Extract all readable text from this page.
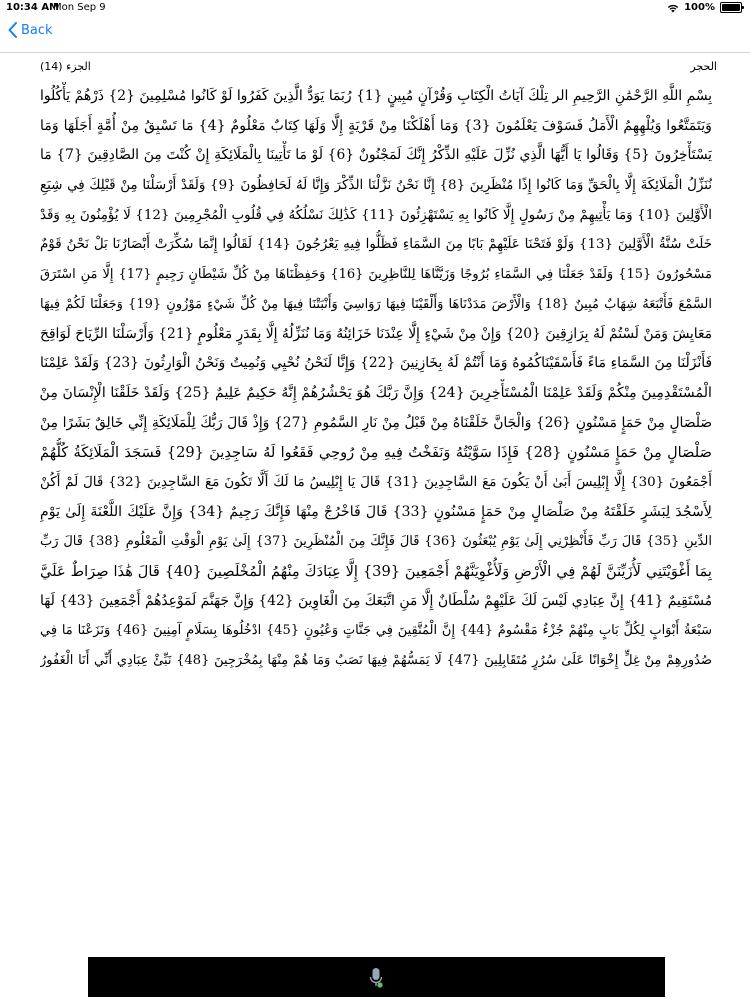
10:34 AM
Mon Sep 9	100%
Back
الجزء (14)	الحجر
بِسْمِ اللَّهِ الرَّحْمَٰنِ الرَّحِيمِ الر تِلْكَ آيَاتُ الْكِتَابِ وَقُرْآنٍ مُبِينٍ {1} رُبَمَا يَوَدُّ الَّذِينَ كَفَرُوا لَوْ كَانُوا مُسْلِمِينَ {2} ذَرْهُمْ يَأْكُلُوا
وَيَتَمَتَّعُوا وَيُلْهِهِمُ الْأَمَلُ فَسَوْفَ يَعْلَمُونَ {3} وَمَا أَهْلَكْنَا مِنْ قَرْيَةٍ إِلَّا وَلَهَا كِتَابٌ مَعْلُومٌ {4} مَا تَسْبِقُ مِنْ أُمَّةٍ أَجَلَهَا وَمَا
يَسْتَأْخِرُونَ {5} وَقَالُوا يَا أَيُّهَا الَّذِي نُزِّلَ عَلَيْهِ الذِّكْرُ إِنَّكَ لَمَجْنُونٌ {6} لَوْ مَا تَأْتِينَا بِالْمَلَائِكَةِ إِنْ كُنْتَ مِنَ الصَّادِقِينَ {7} مَا
نُنَزِّلُ الْمَلَائِكَةَ إِلَّا بِالْحَقِّ وَمَا كَانُوا إِذًا مُنْظَرِينَ {8} إِنَّا نَحْنُ نَزَّلْنَا الذِّكْرَ وَإِنَّا لَهُ لَحَافِظُونَ {9} وَلَقَدْ أَرْسَلْنَا مِنْ قَبْلِكَ فِي شِيَعِ
الْأَوَّلِينَ {10} وَمَا يَأْتِيهِمْ مِنْ رَسُولٍ إِلَّا كَانُوا بِهِ يَسْتَهْزِئُونَ {11} كَذَٰلِكَ نَسْلُكُهُ فِي قُلُوبِ الْمُجْرِمِينَ {12} لَا يُؤْمِنُونَ بِهِ وَقَدْ
خَلَتْ سُنَّةُ الْأَوَّلِينَ {13} وَلَوْ فَتَحْنَا عَلَيْهِمْ بَابًا مِنَ السَّمَاءِ فَظَلُّوا فِيهِ يَعْرُجُونَ {14} لَقَالُوا إِنَّمَا سُكِّرَتْ أَبْصَارُنَا بَلْ نَحْنُ قَوْمٌ
مَسْحُورُونَ {15} وَلَقَدْ جَعَلْنَا فِي السَّمَاءِ بُرُوجًا وَزَيَّنَّاهَا لِلنَّاظِرِينَ {16} وَحَفِظْنَاهَا مِنْ كُلِّ شَيْطَانٍ رَجِيمٍ {17} إِلَّا مَنِ اسْتَرَقَ
السَّمْعَ فَأَتْبَعَهُ شِهَابٌ مُبِينٌ {18} وَالْأَرْضَ مَدَدْنَاهَا وَأَلْقَيْنَا فِيهَا رَوَاسِيَ وَأَنْبَتْنَا فِيهَا مِنْ كُلِّ شَيْءٍ مَوْزُونٍ {19} وَجَعَلْنَا لَكُمْ فِيهَا
مَعَايِشَ وَمَنْ لَسْتُمْ لَهُ بِرَازِقِينَ {20} وَإِنْ مِنْ شَيْءٍ إِلَّا عِنْدَنَا خَزَائِنُهُ وَمَا نُنَزِّلُهُ إِلَّا بِقَدَرٍ مَعْلُومٍ {21} وَأَرْسَلْنَا الرِّيَاحَ لَوَاقِحَ
فَأَنْزَلْنَا مِنَ السَّمَاءِ مَاءً فَأَسْقَيْنَاكُمُوهُ وَمَا أَنْتُمْ لَهُ بِخَازِنِينَ {22} وَإِنَّا لَنَحْنُ نُحْيِي وَنُمِيتُ وَنَحْنُ الْوَارِثُونَ {23} وَلَقَدْ عَلِمْنَا
الْمُسْتَقْدِمِينَ مِنْكُمْ وَلَقَدْ عَلِمْنَا الْمُسْتَأْخِرِينَ {24} وَإِنَّ رَبَّكَ هُوَ يَحْشُرُهُمْ إِنَّهُ حَكِيمٌ عَلِيمٌ {25} وَلَقَدْ خَلَقْنَا الْإِنْسَانَ مِنْ
صَلْصَالٍ مِنْ حَمَإٍ مَسْنُونٍ {26} وَالْجَانَّ خَلَقْنَاهُ مِنْ قَبْلُ مِنْ نَارِ السَّمُومِ {27} وَإِذْ قَالَ رَبُّكَ لِلْمَلَائِكَةِ إِنِّي خَالِقٌ بَشَرًا مِنْ
صَلْصَالٍ مِنْ حَمَإٍ مَسْنُونٍ {28} فَإِذَا سَوَّيْتُهُ وَنَفَخْتُ فِيهِ مِنْ رُوحِي فَقَعُوا لَهُ سَاجِدِينَ {29} فَسَجَدَ الْمَلَائِكَةُ كُلُّهُمْ
أَجْمَعُونَ {30} إِلَّا إِبْلِيسَ أَبَىٰ أَنْ يَكُونَ مَعَ السَّاجِدِينَ {31} قَالَ يَا إِبْلِيسُ مَا لَكَ أَلَّا تَكُونَ مَعَ السَّاجِدِينَ {32} قَالَ لَمْ أَكُنْ
لِأَسْجُدَ لِبَشَرٍ خَلَقْتَهُ مِنْ صَلْصَالٍ مِنْ حَمَإٍ مَسْنُونٍ {33} قَالَ فَاخْرُجْ مِنْهَا فَإِنَّكَ رَجِيمٌ {34} وَإِنَّ عَلَيْكَ اللَّعْنَةَ إِلَىٰ يَوْمِ
الدِّينِ {35} قَالَ رَبِّ فَأَنْظِرْنِي إِلَىٰ يَوْمِ يُبْعَثُونَ {36} قَالَ فَإِنَّكَ مِنَ الْمُنْظَرِينَ {37} إِلَىٰ يَوْمِ الْوَقْتِ الْمَعْلُومِ {38} قَالَ رَبِّ
بِمَا أَغْوَيْتَنِي لَأُزَيِّنَنَّ لَهُمْ فِي الْأَرْضِ وَلَأُغْوِيَنَّهُمْ أَجْمَعِينَ {39} إِلَّا عِبَادَكَ مِنْهُمُ الْمُخْلَصِينَ {40} قَالَ هَٰذَا صِرَاطٌ عَلَيَّ
مُسْتَقِيمٌ {41} إِنَّ عِبَادِي لَيْسَ لَكَ عَلَيْهِمْ سُلْطَانٌ إِلَّا مَنِ اتَّبَعَكَ مِنَ الْغَاوِينَ {42} وَإِنَّ جَهَنَّمَ لَمَوْعِدُهُمْ أَجْمَعِينَ {43} لَهَا
سَبْعَةُ أَبْوَابٍ لِكُلِّ بَابٍ مِنْهُمْ جُزْءٌ مَقْسُومٌ {44} إِنَّ الْمُتَّقِينَ فِي جَنَّاتٍ وَعُيُونٍ {45} ادْخُلُوهَا بِسَلَامٍ آمِنِينَ {46} وَنَزَعْنَا مَا فِي
صُدُورِهِمْ مِنْ غِلٍّ إِخْوَانًا عَلَىٰ سُرُرٍ مُتَقَابِلِينَ {47} لَا يَمَسُّهُمْ فِيهَا نَصَبٌ وَمَا هُمْ مِنْهَا بِمُخْرَجِينَ {48} نَبِّئْ عِبَادِي أَنِّي أَنَا الْغَفُورُ
